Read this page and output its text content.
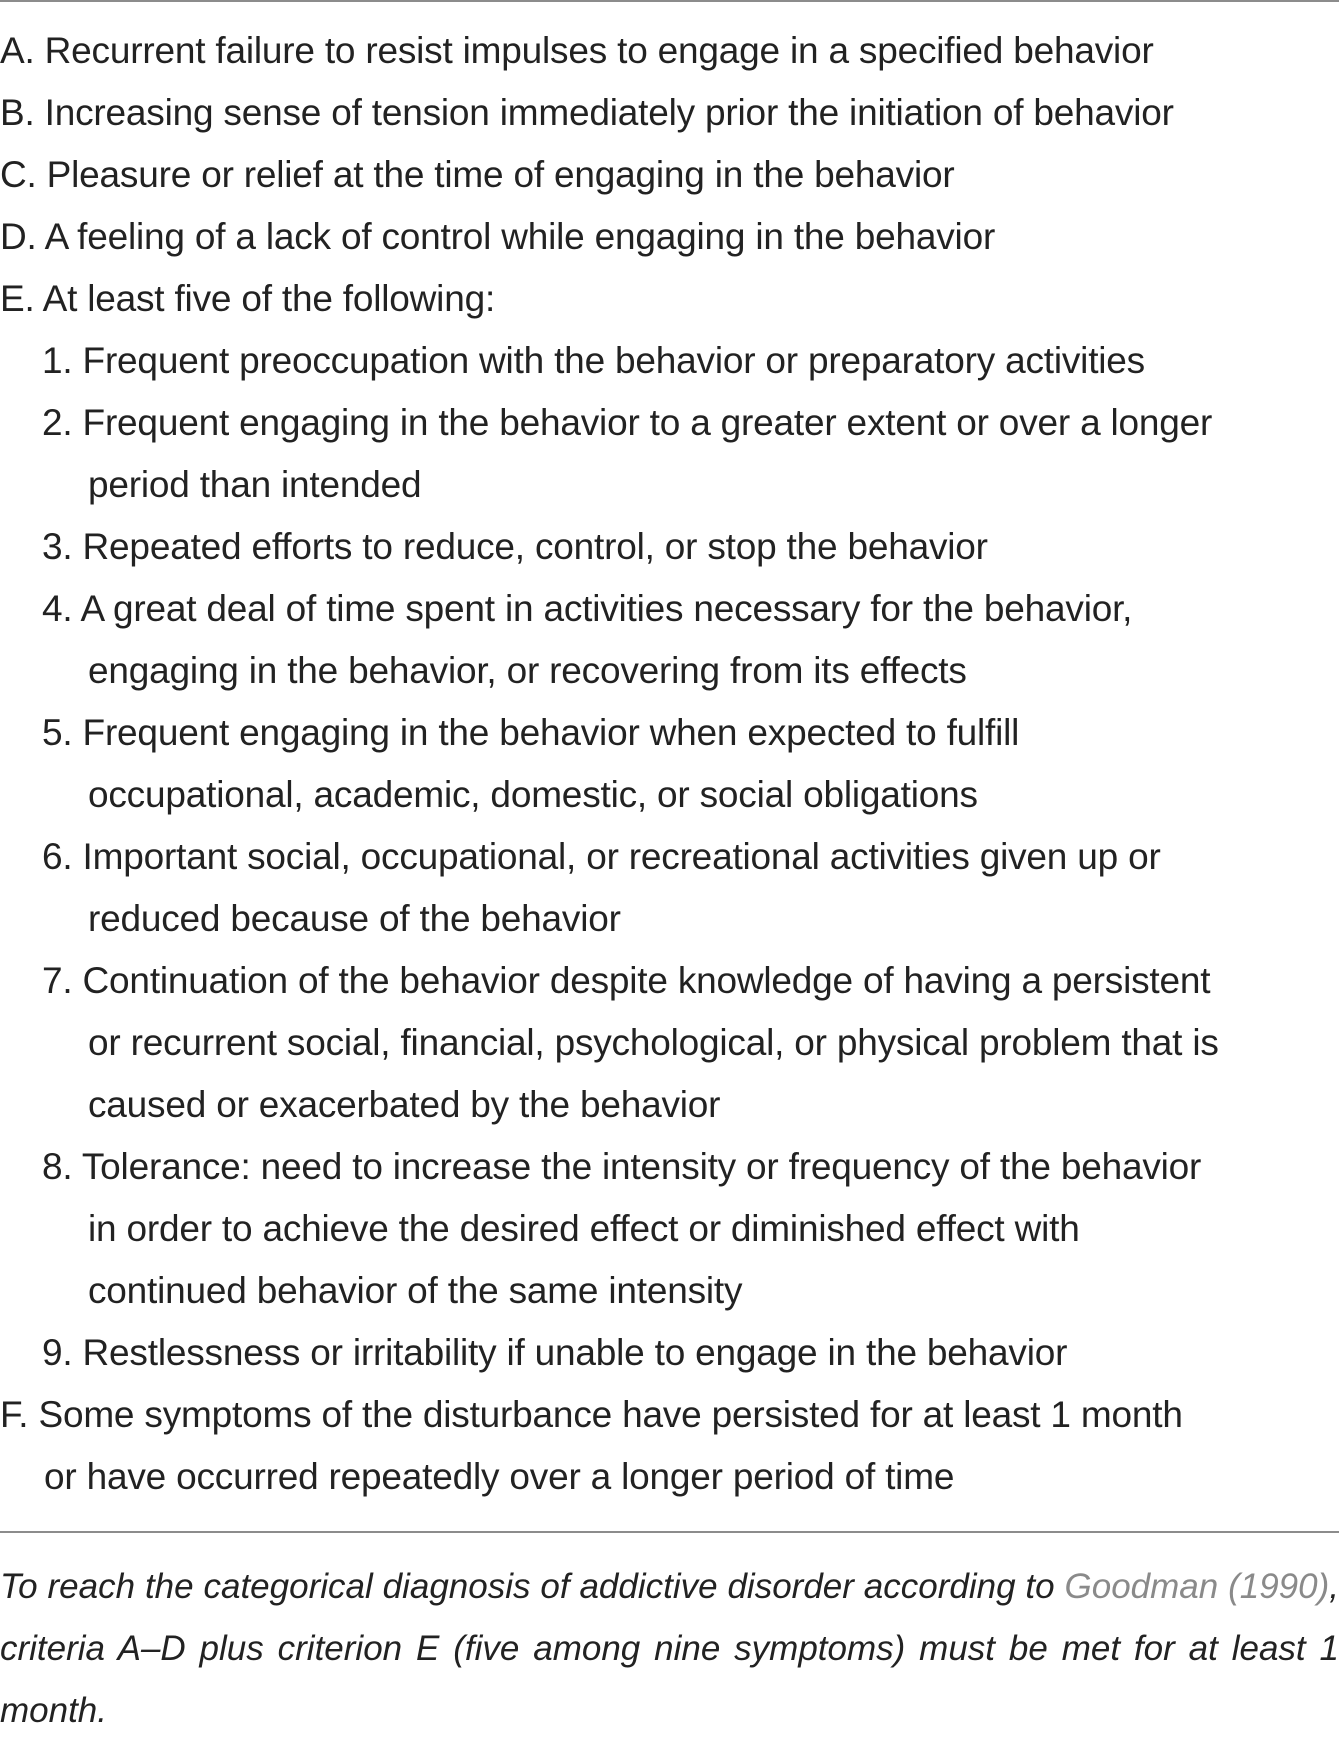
A. Recurrent failure to resist impulses to engage in a specified behavior
B. Increasing sense of tension immediately prior the initiation of behavior
C. Pleasure or relief at the time of engaging in the behavior
D. A feeling of a lack of control while engaging in the behavior
E. At least five of the following:
1. Frequent preoccupation with the behavior or preparatory activities
2. Frequent engaging in the behavior to a greater extent or over a longer
period than intended
3. Repeated efforts to reduce, control, or stop the behavior
4. A great deal of time spent in activities necessary for the behavior,
engaging in the behavior, or recovering from its effects
5. Frequent engaging in the behavior when expected to fulfill
occupational, academic, domestic, or social obligations
6. Important social, occupational, or recreational activities given up or
reduced because of the behavior
7. Continuation of the behavior despite knowledge of having a persistent
or recurrent social, financial, psychological, or physical problem that is
caused or exacerbated by the behavior
8. Tolerance: need to increase the intensity or frequency of the behavior
in order to achieve the desired effect or diminished effect with
continued behavior of the same intensity
9. Restlessness or irritability if unable to engage in the behavior
F. Some symptoms of the disturbance have persisted for at least 1 month
or have occurred repeatedly over a longer period of time

To reach the categorical diagnosis of addictive disorder according to Goodman (1990), criteria A–D plus criterion E (five among nine symptoms) must be met for at least 1 month.
